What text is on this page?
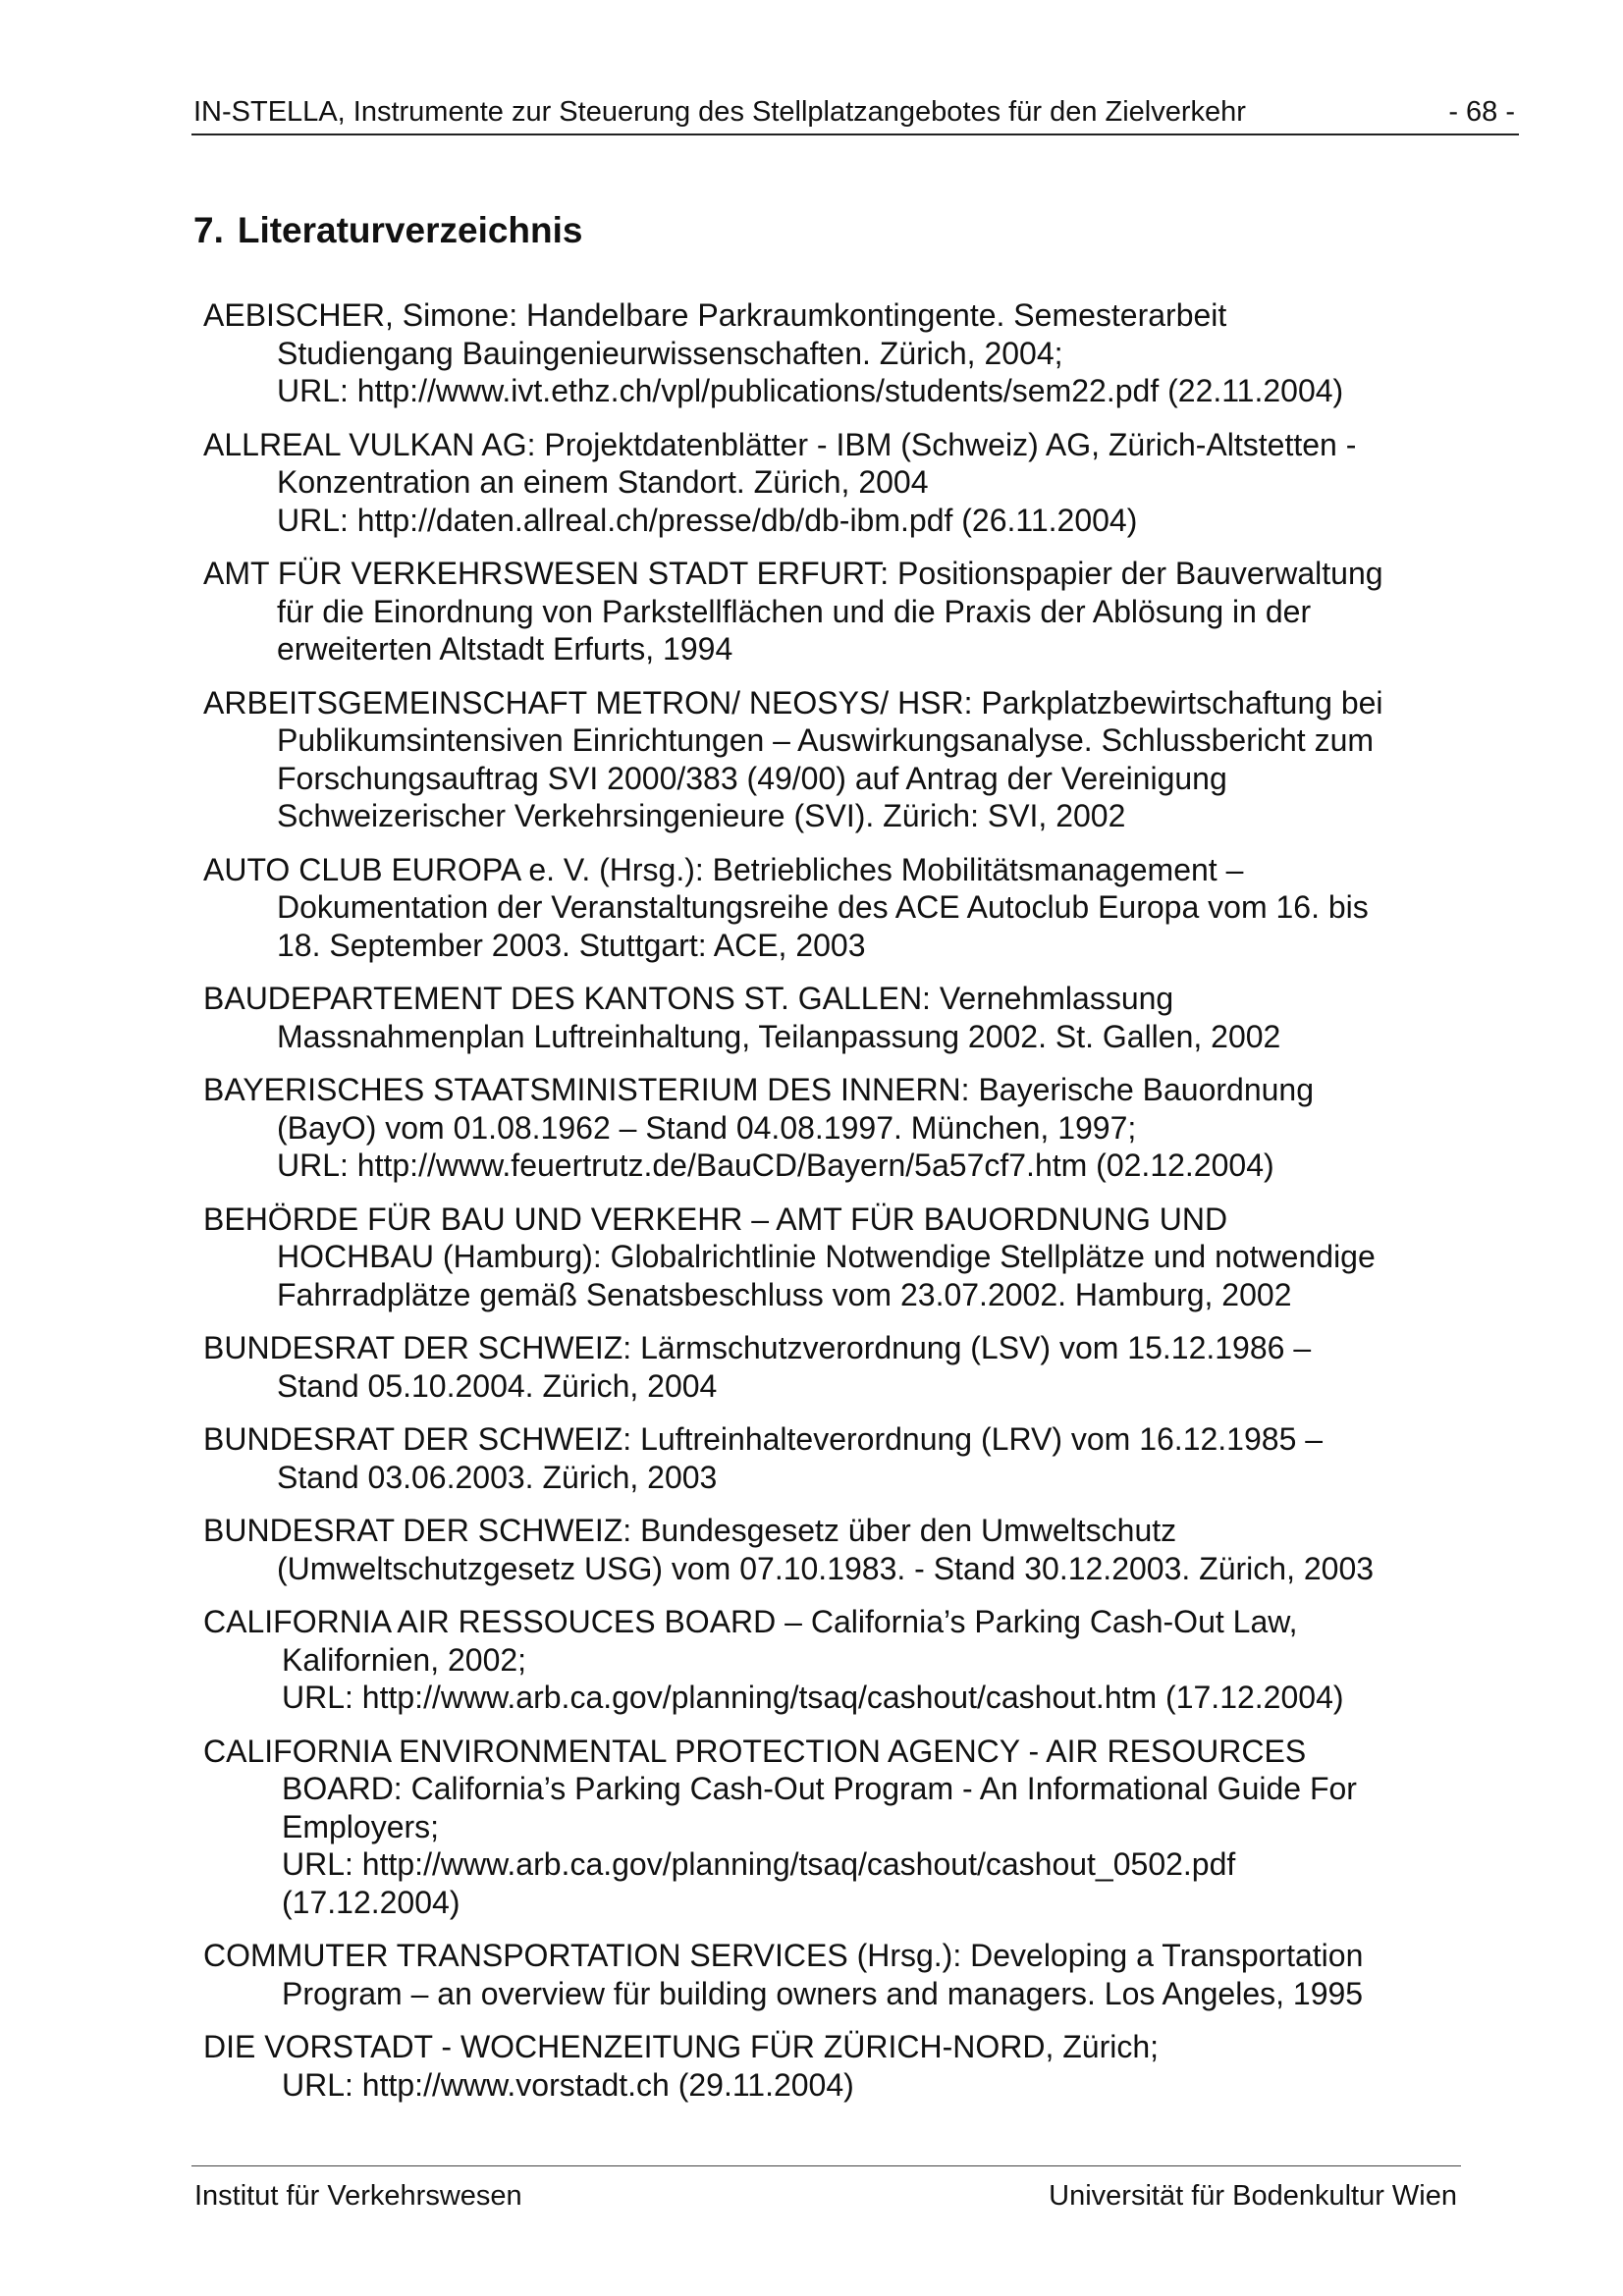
IN-STELLA, Instrumente zur Steuerung des Stellplatzangebotes für den Zielverkehr	- 68 -
7. Literaturverzeichnis
AEBISCHER, Simone: Handelbare Parkraumkontingente. Semesterarbeit
Studiengang Bauingenieurwissenschaften. Zürich, 2004;
URL: http://www.ivt.ethz.ch/vpl/publications/students/sem22.pdf (22.11.2004)
ALLREAL VULKAN AG: Projektdatenblätter - IBM (Schweiz) AG, Zürich-Altstetten -
Konzentration an einem Standort. Zürich, 2004
URL: http://daten.allreal.ch/presse/db/db-ibm.pdf (26.11.2004)
AMT FÜR VERKEHRSWESEN STADT ERFURT: Positionspapier der Bauverwaltung
für die Einordnung von Parkstellflächen und die Praxis der Ablösung in der
erweiterten Altstadt Erfurts, 1994
ARBEITSGEMEINSCHAFT METRON/ NEOSYS/ HSR: Parkplatzbewirtschaftung bei
Publikumsintensiven Einrichtungen – Auswirkungsanalyse. Schlussbericht zum
Forschungsauftrag SVI 2000/383 (49/00) auf Antrag der Vereinigung
Schweizerischer Verkehrsingenieure (SVI). Zürich: SVI, 2002
AUTO CLUB EUROPA e. V. (Hrsg.): Betriebliches Mobilitätsmanagement –
Dokumentation der Veranstaltungsreihe des ACE Autoclub Europa vom 16. bis
18. September 2003. Stuttgart: ACE, 2003
BAUDEPARTEMENT DES KANTONS ST. GALLEN: Vernehmlassung
Massnahmenplan Luftreinhaltung, Teilanpassung 2002. St. Gallen, 2002
BAYERISCHES STAATSMINISTERIUM DES INNERN: Bayerische Bauordnung
(BayO) vom 01.08.1962 – Stand 04.08.1997. München, 1997;
URL: http://www.feuertrutz.de/BauCD/Bayern/5a57cf7.htm (02.12.2004)
BEHÖRDE FÜR BAU UND VERKEHR – AMT FÜR BAUORDNUNG UND
HOCHBAU (Hamburg): Globalrichtlinie Notwendige Stellplätze und notwendige
Fahrradplätze gemäß Senatsbeschluss vom 23.07.2002. Hamburg, 2002
BUNDESRAT DER SCHWEIZ: Lärmschutzverordnung (LSV) vom 15.12.1986 –
Stand 05.10.2004. Zürich, 2004
BUNDESRAT DER SCHWEIZ: Luftreinhalteverordnung (LRV) vom 16.12.1985 –
Stand 03.06.2003. Zürich, 2003
BUNDESRAT DER SCHWEIZ: Bundesgesetz über den Umweltschutz
(Umweltschutzgesetz USG) vom 07.10.1983. - Stand 30.12.2003. Zürich, 2003
CALIFORNIA AIR RESSOUCES BOARD – California’s Parking Cash-Out Law,
Kalifornien, 2002;
URL: http://www.arb.ca.gov/planning/tsaq/cashout/cashout.htm (17.12.2004)
CALIFORNIA ENVIRONMENTAL PROTECTION AGENCY - AIR RESOURCES
BOARD: California’s Parking Cash-Out Program - An Informational Guide For
Employers;
URL: http://www.arb.ca.gov/planning/tsaq/cashout/cashout_0502.pdf
(17.12.2004)
COMMUTER TRANSPORTATION SERVICES (Hrsg.): Developing a Transportation
Program – an overview für building owners and managers. Los Angeles, 1995
DIE VORSTADT - WOCHENZEITUNG FÜR ZÜRICH-NORD, Zürich;
URL: http://www.vorstadt.ch (29.11.2004)
Institut für Verkehrswesen	Universität für Bodenkultur Wien
